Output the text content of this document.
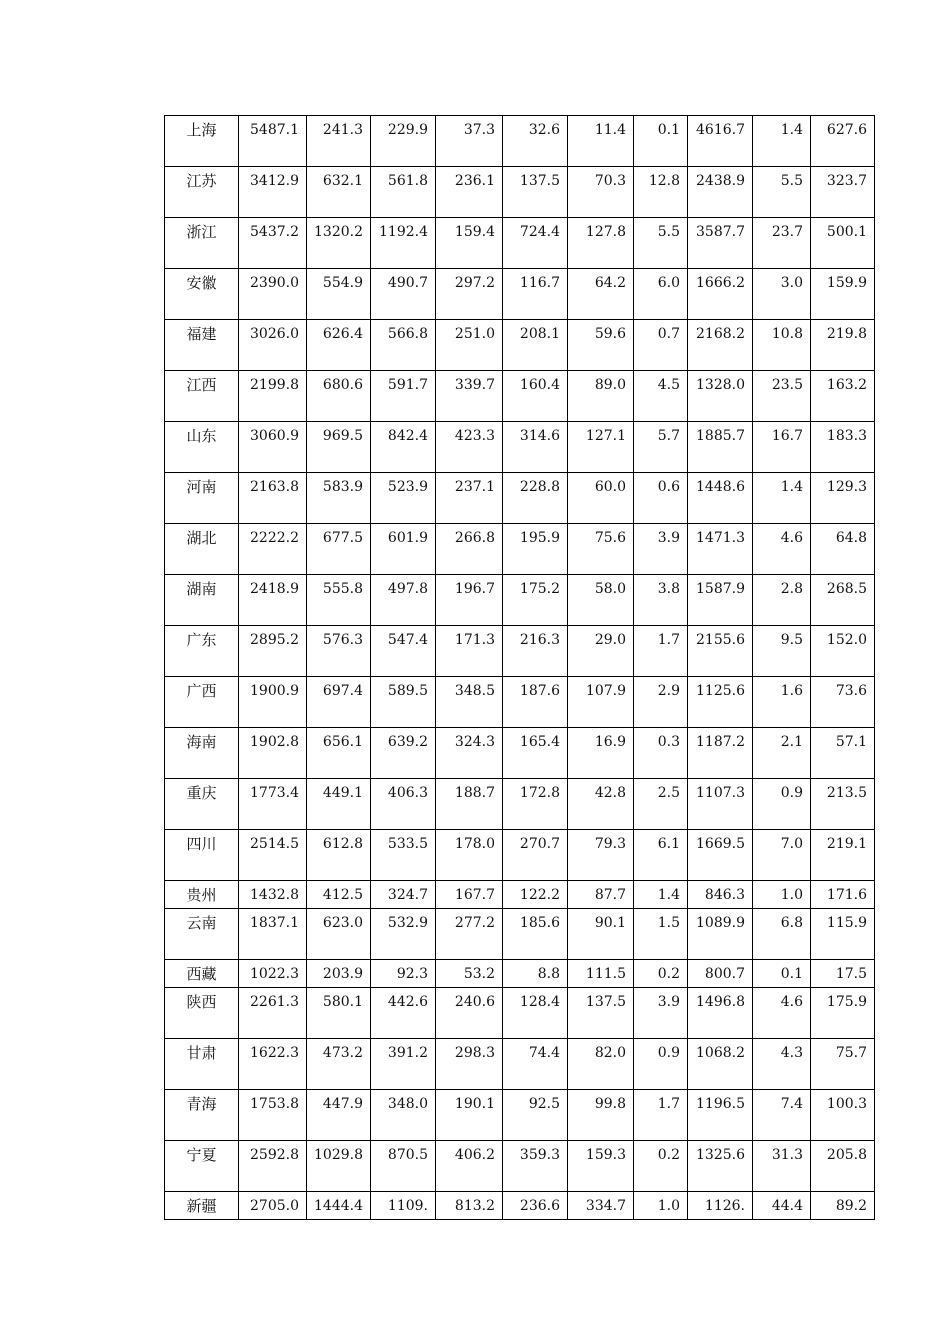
上海	5487.1	241.3	229.9	37.3	32.6	11.4	0.1	4616.7	1.4	627.6
江苏	3412.9	632.1	561.8	236.1	137.5	70.3	12.8	2438.9	5.5	323.7
浙江	5437.2	1320.2	1192.4	159.4	724.4	127.8	5.5	3587.7	23.7	500.1
安徽	2390.0	554.9	490.7	297.2	116.7	64.2	6.0	1666.2	3.0	159.9
福建	3026.0	626.4	566.8	251.0	208.1	59.6	0.7	2168.2	10.8	219.8
江西	2199.8	680.6	591.7	339.7	160.4	89.0	4.5	1328.0	23.5	163.2
山东	3060.9	969.5	842.4	423.3	314.6	127.1	5.7	1885.7	16.7	183.3
河南	2163.8	583.9	523.9	237.1	228.8	60.0	0.6	1448.6	1.4	129.3
湖北	2222.2	677.5	601.9	266.8	195.9	75.6	3.9	1471.3	4.6	64.8
湖南	2418.9	555.8	497.8	196.7	175.2	58.0	3.8	1587.9	2.8	268.5
广东	2895.2	576.3	547.4	171.3	216.3	29.0	1.7	2155.6	9.5	152.0
广西	1900.9	697.4	589.5	348.5	187.6	107.9	2.9	1125.6	1.6	73.6
海南	1902.8	656.1	639.2	324.3	165.4	16.9	0.3	1187.2	2.1	57.1
重庆	1773.4	449.1	406.3	188.7	172.8	42.8	2.5	1107.3	0.9	213.5
四川	2514.5	612.8	533.5	178.0	270.7	79.3	6.1	1669.5	7.0	219.1
贵州	1432.8	412.5	324.7	167.7	122.2	87.7	1.4	846.3	1.0	171.6
云南	1837.1	623.0	532.9	277.2	185.6	90.1	1.5	1089.9	6.8	115.9
西藏	1022.3	203.9	92.3	53.2	8.8	111.5	0.2	800.7	0.1	17.5
陕西	2261.3	580.1	442.6	240.6	128.4	137.5	3.9	1496.8	4.6	175.9
甘肃	1622.3	473.2	391.2	298.3	74.4	82.0	0.9	1068.2	4.3	75.7
青海	1753.8	447.9	348.0	190.1	92.5	99.8	1.7	1196.5	7.4	100.3
宁夏	2592.8	1029.8	870.5	406.2	359.3	159.3	0.2	1325.6	31.3	205.8
新疆	2705.0	1444.4	1109.	813.2	236.6	334.7	1.0	1126.	44.4	89.2
